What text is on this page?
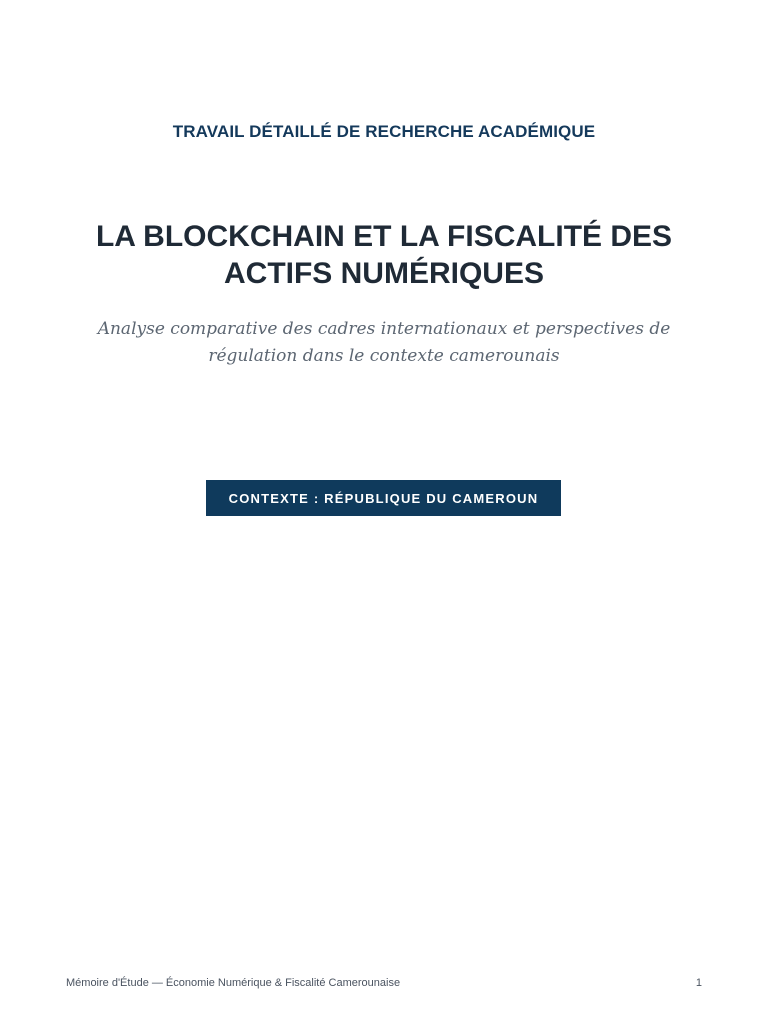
TRAVAIL DÉTAILLÉ DE RECHERCHE ACADÉMIQUE
LA BLOCKCHAIN ET LA FISCALITÉ DES
ACTIFS NUMÉRIQUES
Analyse comparative des cadres internationaux et perspectives de
régulation dans le contexte camerounais
CONTEXTE : RÉPUBLIQUE DU CAMEROUN
Mémoire d'Étude — Économie Numérique & Fiscalité Camerounaise	1
